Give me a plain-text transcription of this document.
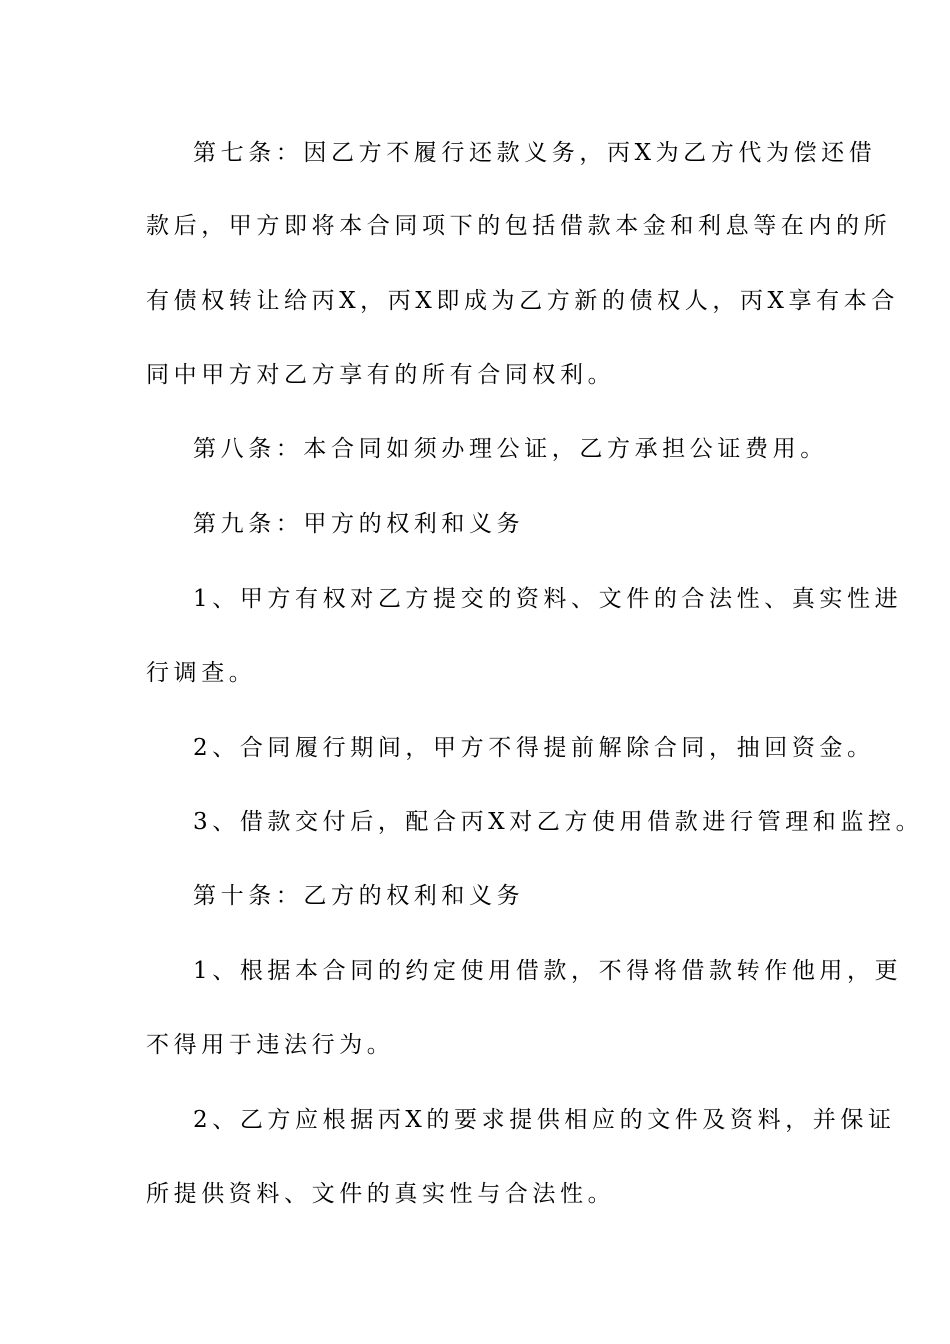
第七条：因乙方不履行还款义务，丙X为乙方代为偿还借
款后，甲方即将本合同项下的包括借款本金和利息等在内的所
有债权转让给丙X，丙X即成为乙方新的债权人，丙X享有本合
同中甲方对乙方享有的所有合同权利。
第八条：本合同如须办理公证，乙方承担公证费用。
第九条：甲方的权利和义务
1、甲方有权对乙方提交的资料、文件的合法性、真实性进
行调查。
2、合同履行期间，甲方不得提前解除合同，抽回资金。
3、借款交付后，配合丙X对乙方使用借款进行管理和监控。
第十条：乙方的权利和义务
1、根据本合同的约定使用借款，不得将借款转作他用，更
不得用于违法行为。
2、乙方应根据丙X的要求提供相应的文件及资料，并保证
所提供资料、文件的真实性与合法性。
